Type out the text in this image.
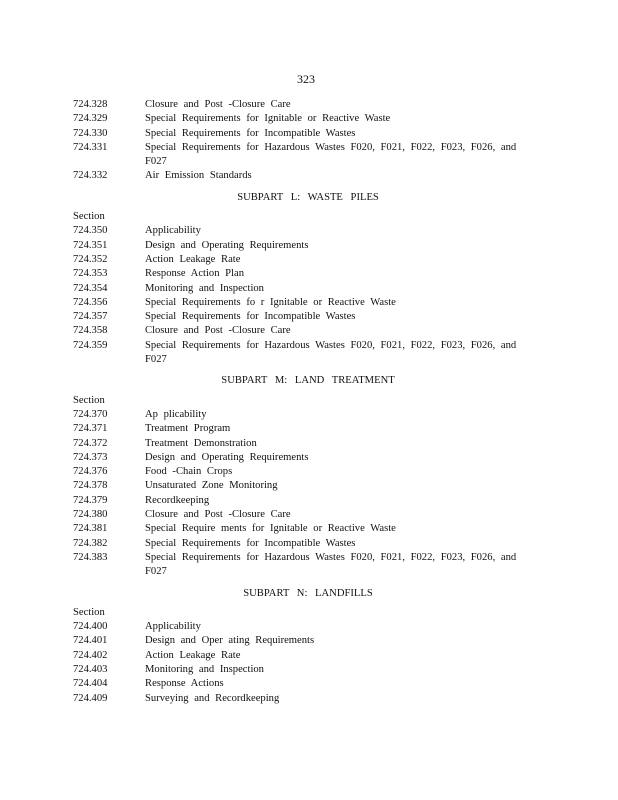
323
724.328	Closure and Post -Closure Care
724.329	Special Requirements for Ignitable or Reactive Waste
724.330	Special Requirements for Incompatible Wastes
724.331	Special Requirements for Hazardous Wastes F020, F021, F022, F023, F026, and F027
724.332	Air Emission Standards
SUBPART L: WASTE PILES
Section
724.350	Applicability
724.351	Design and Operating Requirements
724.352	Action Leakage Rate
724.353	Response Action Plan
724.354	Monitoring and Inspection
724.356	Special Requirements fo r Ignitable or Reactive Waste
724.357	Special Requirements for Incompatible Wastes
724.358	Closure and Post -Closure Care
724.359	Special Requirements for Hazardous Wastes F020, F021, F022, F023, F026, and F027
SUBPART M: LAND TREATMENT
Section
724.370	Ap plicability
724.371	Treatment Program
724.372	Treatment Demonstration
724.373	Design and Operating Requirements
724.376	Food -Chain Crops
724.378	Unsaturated Zone Monitoring
724.379	Recordkeeping
724.380	Closure and Post -Closure Care
724.381	Special Require ments for Ignitable or Reactive Waste
724.382	Special Requirements for Incompatible Wastes
724.383	Special Requirements for Hazardous Wastes F020, F021, F022, F023, F026, and F027
SUBPART N: LANDFILLS
Section
724.400	Applicability
724.401	Design and Oper ating Requirements
724.402	Action Leakage Rate
724.403	Monitoring and Inspection
724.404	Response Actions
724.409	Surveying and Recordkeeping
